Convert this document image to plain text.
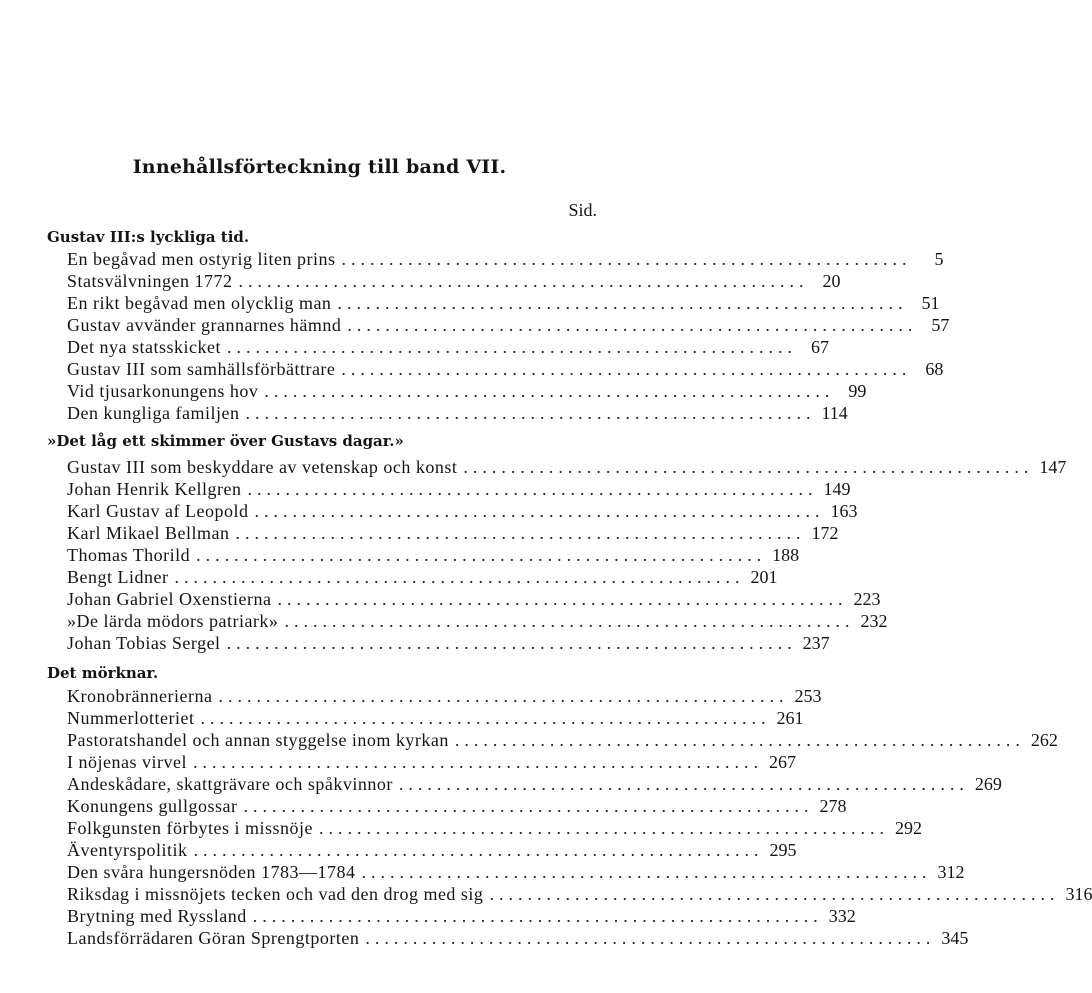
Innehållsförteckning till band VII.
Sid.
Gustav III:s lyckliga tid.
En begåvad men ostyrig liten prins ............................................................	5
Statsvälvningen 1772 ............................................................ 20
En rikt begåvad men olycklig man ............................................................ 51
Gustav avvänder grannarnes hämnd ............................................................ 57
Det nya statsskicket ............................................................ 67
Gustav III som samhällsförbättrare ............................................................ 68
Vid tjusarkonungens hov ............................................................ 99
Den kungliga familjen ............................................................ 114
»Det låg ett skimmer över Gustavs dagar.»
Gustav III som beskyddare av vetenskap och konst ............................................................ 147
Johan Henrik Kellgren ............................................................ 149
Karl Gustav af Leopold ............................................................ 163
Karl Mikael Bellman ............................................................ 172
Thomas Thorild ............................................................ 188
Bengt Lidner ............................................................ 201
Johan Gabriel Oxenstierna ............................................................ 223
»De lärda mödors patriark» ............................................................ 232
Johan Tobias Sergel ............................................................ 237
Det mörknar.
Kronobrännerierna ............................................................ 253
Nummerlotteriet ............................................................ 261
Pastoratshandel och annan styggelse inom kyrkan ............................................................ 262
I nöjenas virvel ............................................................ 267
Andeskådare, skattgrävare och spåkvinnor ............................................................ 269
Konungens gullgossar ............................................................ 278
Folkgunsten förbytes i missnöje ............................................................ 292
Äventyrspolitik ............................................................ 295
Den svåra hungersnöden 1783—1784 ............................................................ 312
Riksdag i missnöjets tecken och vad den drog med sig ............................................................ 316
Brytning med Ryssland ............................................................ 332
Landsförrädaren Göran Sprengtporten ............................................................ 345
